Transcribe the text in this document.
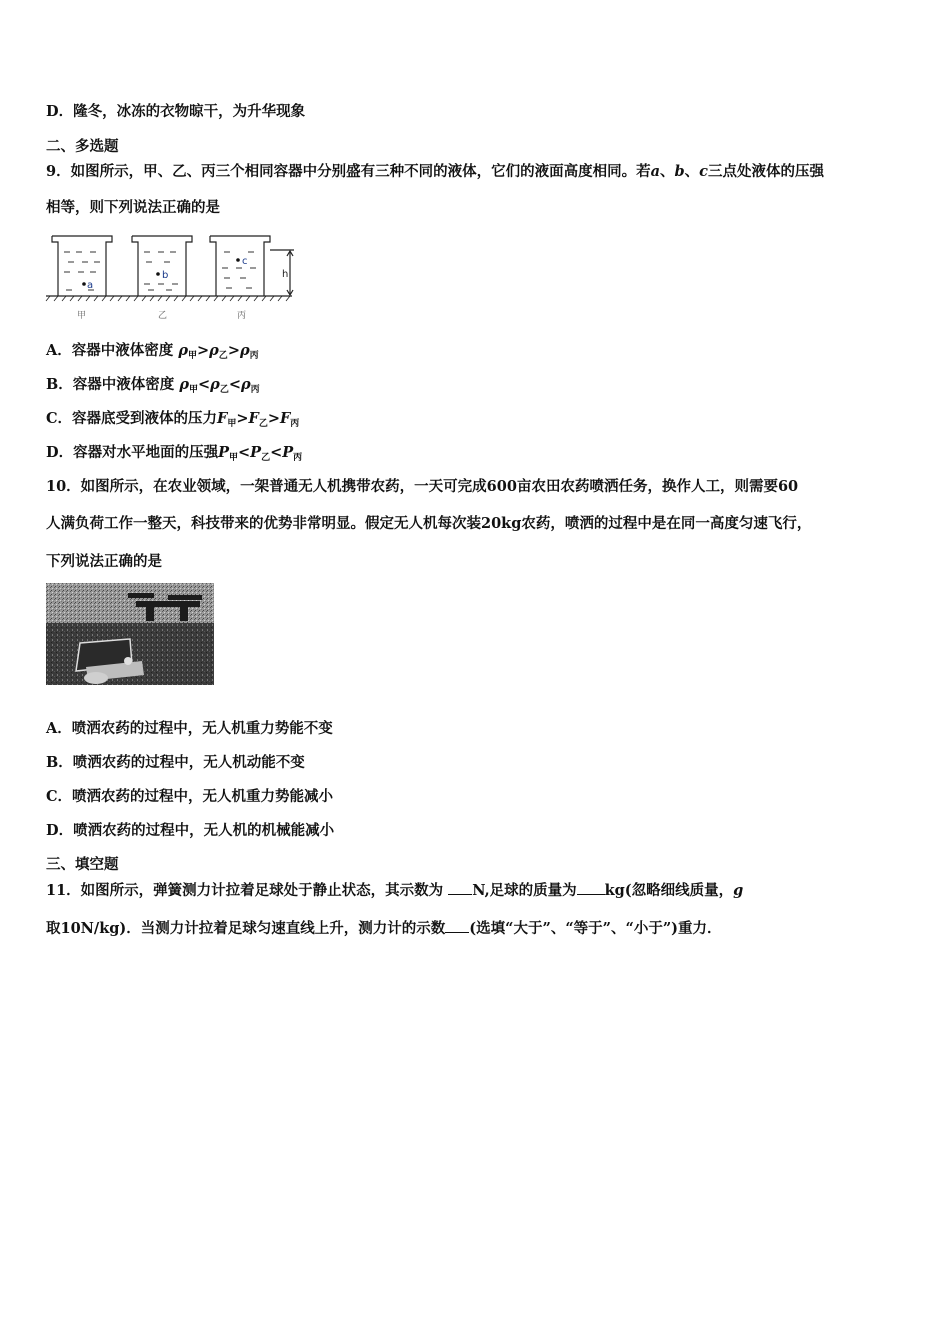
D．隆冬，冰冻的衣物晾干，为升华现象
二、多选题
9．如图所示，甲、乙、丙三个相同容器中分别盛有三种不同的液体，它们的液面高度相同。若a、b、c三点处液体的压强
相等，则下列说法正确的是
a
b
c
h
甲	乙	丙
A．容器中液体密度 $\rho_甲>\rho_乙>\rho_丙$
B．容器中液体密度 $\rho_甲<\rho_乙<\rho_丙$
C．容器底受到液体的压力$F_甲>F_乙>F_丙$
D．容器对水平地面的压强$P_甲<P_乙<P_丙$
10．如图所示，在农业领域，一架普通无人机携带农药，一天可完成600亩农田农药喷洒任务，换作人工，则需要60
人满负荷工作一整天，科技带来的优势非常明显。假定无人机每次装20kg农药，喷洒的过程中是在同一高度匀速飞行，
下列说法正确的是
A．喷洒农药的过程中，无人机重力势能不变
B．喷洒农药的过程中，无人机动能不变
C．喷洒农药的过程中，无人机重力势能减小
D．喷洒农药的过程中，无人机的机械能减小
三、填空题
11．如图所示，弹簧测力计拉着足球处于静止状态，其示数为 N,足球的质量为 kg(忽略细线质量，g
取10N/kg)．当测力计拉着足球匀速直线上升，测力计的示数 (选填“大于”、“等于”、“小于”)重力．
